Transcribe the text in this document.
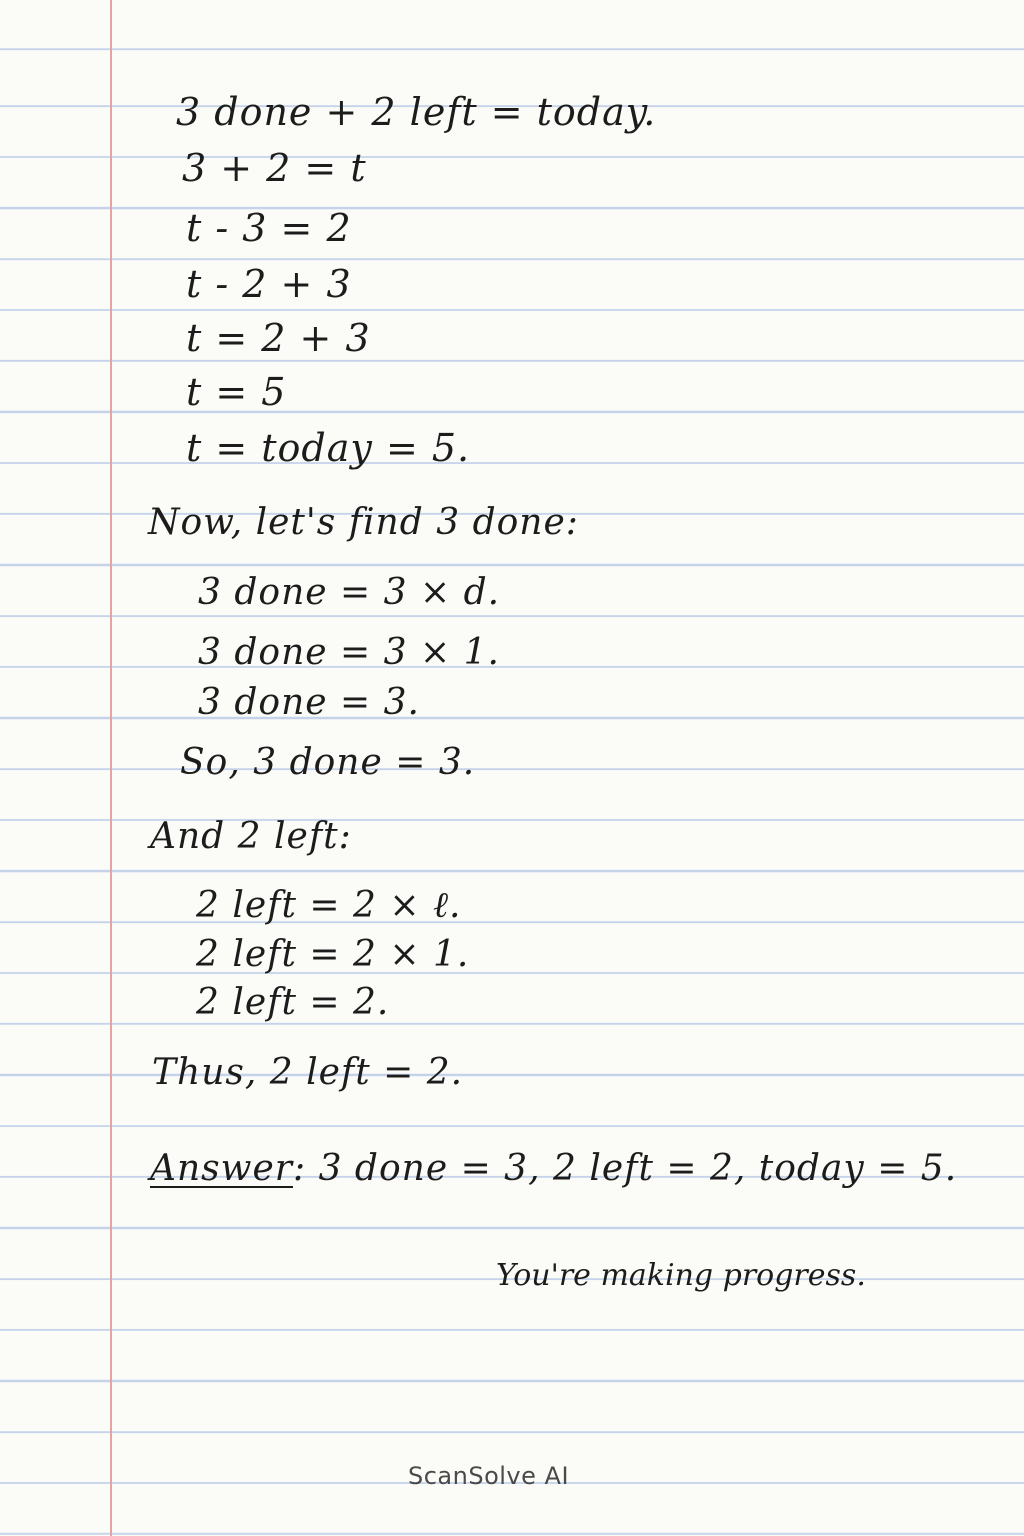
3 done + 2 left = today.
3 + 2 = t
t - 3 = 2
t - 2 + 3
t = 2 + 3
t = 5
t = today = 5.
Now, let's find 3 done:
3 done = 3 × d.
3 done = 3 × 1.
3 done = 3.
So, 3 done = 3.
And 2 left:
2 left = 2 × ℓ.
2 left = 2 × 1.
2 left = 2.
Thus, 2 left = 2.
Answer: 3 done = 3, 2 left = 2, today = 5.
You're making progress.
ScanSolve AI
